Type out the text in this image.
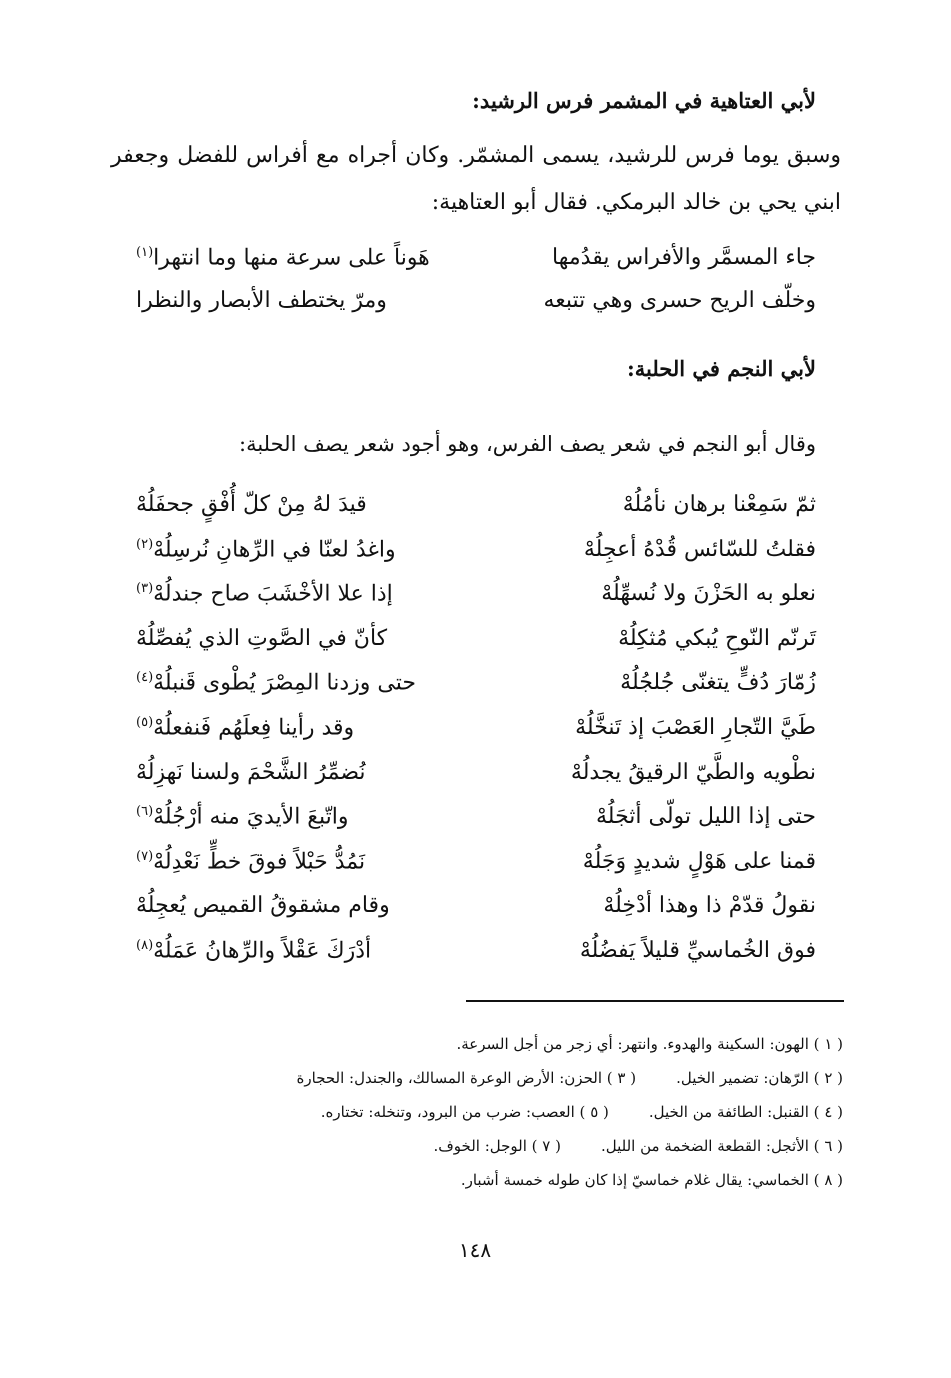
لأبي العتاهية في المشمر فرس الرشيد:

وسبق يوما فرس للرشيد، يسمى المشمّر. وكان أجراه مع أفراس للفضل وجعفر ابني يحي بن خالد البرمكي. فقال أبو العتاهية:

جاء المسمَّر والأفراس يقدُمها
هَوناً على سرعة منها وما انتهرا$^{(١)}$
وخلّف الريح حسرى وهي تتبعه
ومرّ يختطف الأبصار والنظرا
لأبي النجم في الحلبة:

وقال أبو النجم في شعر يصف الفرس، وهو أجود شعر يصف الحلبة:

ثمّ سَمِعْنا برهان نأمُلُهْ
قيدَ لهُ مِنْ كلّ أُفْقٍ جحفَلُهْ
فقلتُ للسّائس قُدْهُ أعجِلُهْ
واغدُ لعنّا في الرِّهانِ نُرسِلُهْ$^{(٢)}$
نعلو به الحَزْنَ ولا نُسهِّلُهْ
إذا علا الأخْشَبَ صاح جندلُهْ$^{(٣)}$
تَرنّم النّوحِ يُبكي مُثكِلُهْ
كأنّ في الصَّوتِ الذي يُفصِّلُهْ
زُمّارَ دُفٍّ يتغنّى جُلجُلُهْ
حتى وزدنا المِصْرَ يُطْوى قَنبلُهْ$^{(٤)}$
طَيَّ التّجارِ العَصْبَ إذ تَنخَّلُهْ
وقد رأينا فِعلَهُم فَنفعلُهْ$^{(٥)}$
نطْويه والطَّيّ الرقيقُ يجدلُهْ
نُضمِّرُ الشَّحْمَ ولسنا نَهزِلُهْ
حتى إذا الليل تولّى أثجَلُهْ
واتّبعَ الأيديَ منه أرْجُلُهْ$^{(٦)}$
قمنا على هَوْلٍ شديدٍ وَجَلُهْ
نَمُدُّ حَبْلاً فوقَ خطٍّ نَعْدِلُهْ$^{(٧)}$
نقولُ قدّمْ ذا وهذا أدْخِلُهْ
وقام مشقوقُ القميص يُعجِلُهْ
فوق الخُماسيِّ قليلاً يَفضُلُهْ
أدْرَكَ عَقْلاً والرِّهانُ عَمَلُهْ$^{(٨)}$
( ١ ) الهون: السكينة والهدوء. وانتهر: أي زجر من أجل السرعة.
( ٢ ) الرّهان: تضمير الخيل.
( ٣ ) الحزن: الأرض الوعرة المسالك، والجندل: الحجارة
( ٤ ) القنبل: الطائفة من الخيل.
( ٥ ) العصب: ضرب من البرود، وتنخله: تختاره.
( ٦ ) الأثجل: القطعة الضخمة من الليل.
( ٧ ) الوجل: الخوف.
( ٨ ) الخماسي: يقال غلام خماسيّ إذا كان طوله خمسة أشبار.
١٤٨
